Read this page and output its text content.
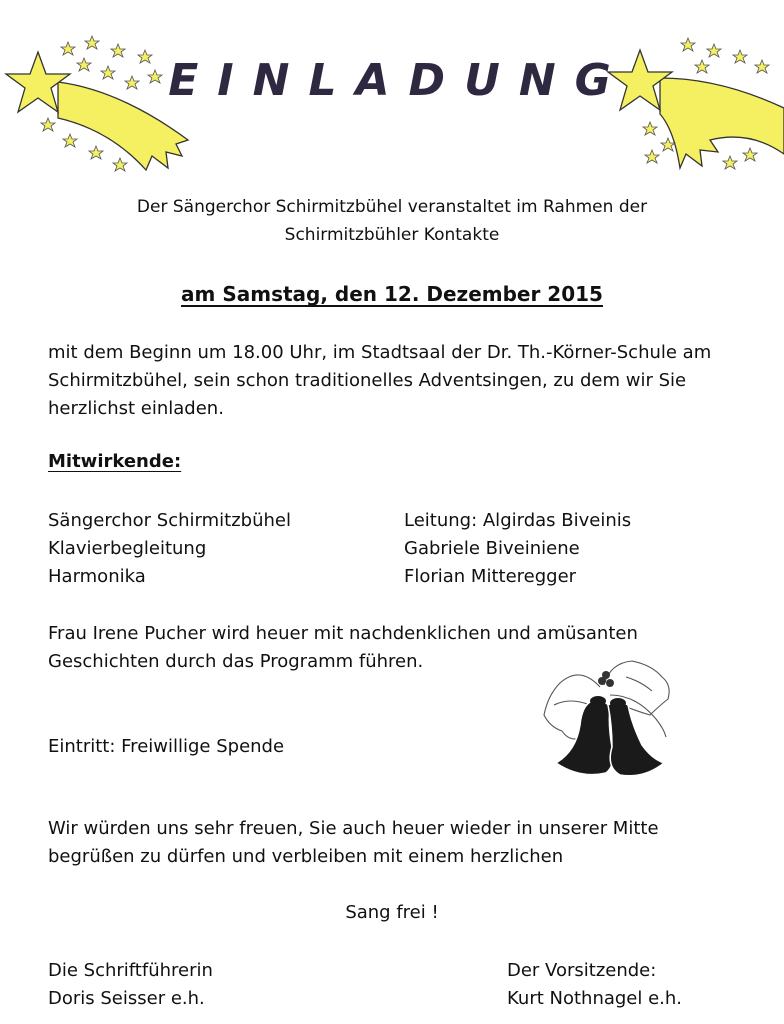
EINLADUNG
Der Sängerchor Schirmitzbühel veranstaltet im Rahmen der
Schirmitzbühler Kontakte
am Samstag, den 12. Dezember 2015
mit dem Beginn um 18.00 Uhr, im Stadtsaal der Dr. Th.-Körner-Schule am
Schirmitzbühel, sein schon traditionelles Adventsingen, zu dem wir Sie
herzlichst einladen.
Mitwirkende:
Sängerchor Schirmitzbühel
Klavierbegleitung
Harmonika
Leitung: Algirdas Biveinis
Gabriele Biveiniene
Florian Mitteregger
Frau Irene Pucher wird heuer mit nachdenklichen und amüsanten
Geschichten durch das Programm führen.
Eintritt: Freiwillige Spende
Wir würden uns sehr freuen, Sie auch heuer wieder in unserer Mitte
begrüßen zu dürfen und verbleiben mit einem herzlichen
Sang frei !
Die Schriftführerin
Doris Seisser e.h.
Der Vorsitzende:
Kurt Nothnagel e.h.
